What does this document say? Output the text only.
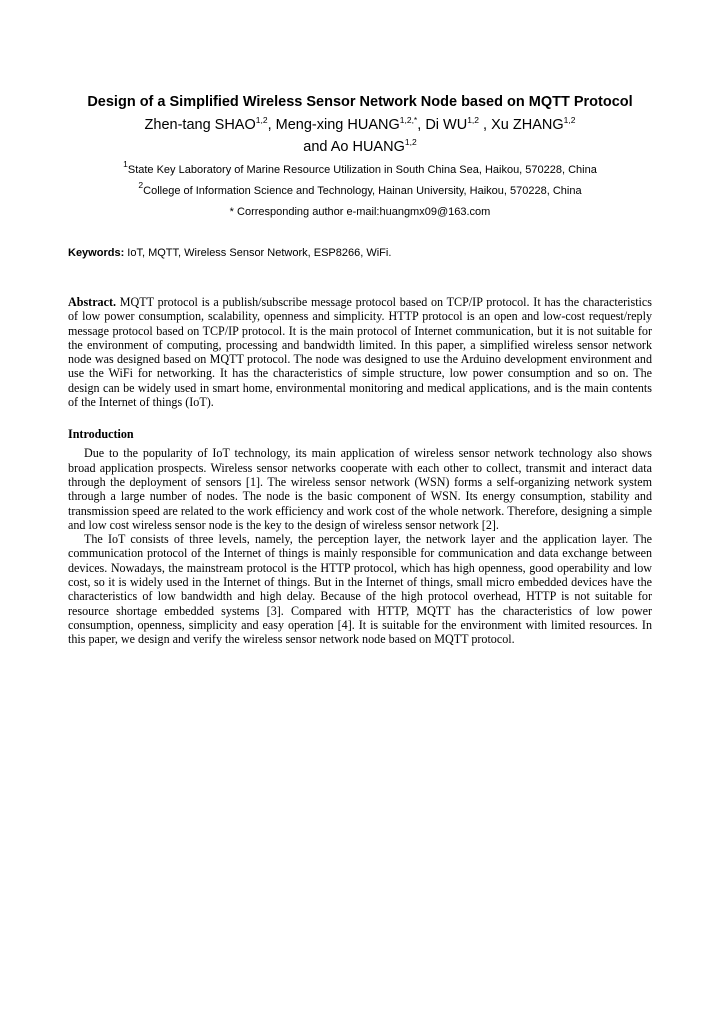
Design of a Simplified Wireless Sensor Network Node based on MQTT Protocol
Zhen-tang SHAO$^{1,2}$, Meng-xing $HUANG^{1,2,*}$, Di WU$^{1,2}$ , Xu ZHANG$^{1,2}$
and Ao HUANG$^{1,2}$
$^1$State Key Laboratory of Marine Resource Utilization in South China Sea, Haikou, 570228, China
$^2$College of Information Science and Technology, Hainan University, Haikou, 570228, China
* Corresponding author e-mail:huangmx09@163.com
Keywords: IoT, MQTT, Wireless Sensor Network, ESP8266, WiFi.
Abstract. MQTT protocol is a publish/subscribe message protocol based on TCP/IP protocol. It has the characteristics of low power consumption, scalability, openness and simplicity. HTTP protocol is an open and low-cost request/reply message protocol based on TCP/IP protocol. It is the main protocol of Internet communication, but it is not suitable for the environment of computing, processing and bandwidth limited. In this paper, a simplified wireless sensor network node was designed based on MQTT protocol. The node was designed to use the Arduino development environment and use the WiFi for networking. It has the characteristics of simple structure, low power consumption and so on. The design can be widely used in smart home, environmental monitoring and medical applications, and is the main contents of the Internet of things (IoT).
Introduction

Due to the popularity of IoT technology, its main application of wireless sensor network technology also shows broad application prospects. Wireless sensor networks cooperate with each other to collect, transmit and interact data through the deployment of sensors [1]. The wireless sensor network (WSN) forms a self-organizing network system through a large number of nodes. The node is the basic component of WSN. Its energy consumption, stability and transmission speed are related to the work efficiency and work cost of the whole network. Therefore, designing a simple and low cost wireless sensor node is the key to the design of wireless sensor network [2].

The IoT consists of three levels, namely, the perception layer, the network layer and the application layer. The communication protocol of the Internet of things is mainly responsible for communication and data exchange between devices. Nowadays, the mainstream protocol is the HTTP protocol, which has high openness, good operability and low cost, so it is widely used in the Internet of things. But in the Internet of things, small micro embedded devices have the characteristics of low bandwidth and high delay. Because of the high protocol overhead, HTTP is not suitable for resource shortage embedded systems [3]. Compared with HTTP, MQTT has the characteristics of low power consumption, openness, simplicity and easy operation [4]. It is suitable for the environment with limited resources. In this paper, we design and verify the wireless sensor network node based on MQTT protocol.
